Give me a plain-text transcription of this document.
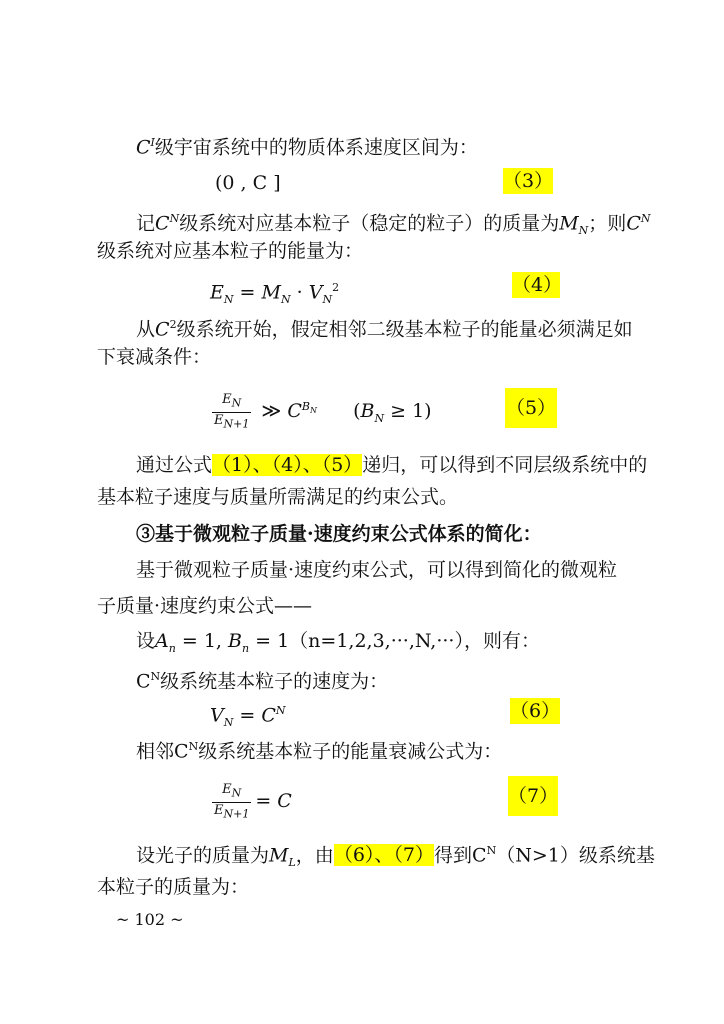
$C^I$级宇宙系统中的物质体系速度区间为：
(0 , C ]	（3）
记$C^N$级系统对应基本粒子（稳定的粒子）的质量为$M_N$；则$C^N$
级系统对应基本粒子的能量为：
$E_N = M_N \cdot V_N^2$	（4）
从$C^2$级系统开始，假定相邻二级基本粒子的能量必须满足如
下衰减条件：
$\frac{E_N}{E_{N+1}}$ ≫ $C^{B_N}$ $(B_N \ge 1)$	（5）
通过公式（1）、（4）、（5）递归，可以得到不同层级系统中的
基本粒子速度与质量所需满足的约束公式。
③基于微观粒子质量·速度约束公式体系的简化：
基于微观粒子质量·速度约束公式，可以得到简化的微观粒
子质量·速度约束公式——
设$A_n = 1$, $B_n = 1(n=1,2,3,\cdot\cdot\cdot,N,\cdot\cdot\cdot)$，则有：
$C^N$级系统基本粒子的速度为：
$V_N = C^N$	（6）
相邻$C^N$级系统基本粒子的能量衰减公式为：
$\frac{E_N}{E_{N+1}} = C$	（7）
设光子的质量为$M_L$，由（6）、（7）得到$C^N(N>1)$级系统基
本粒子的质量为：
~ 102 ~
